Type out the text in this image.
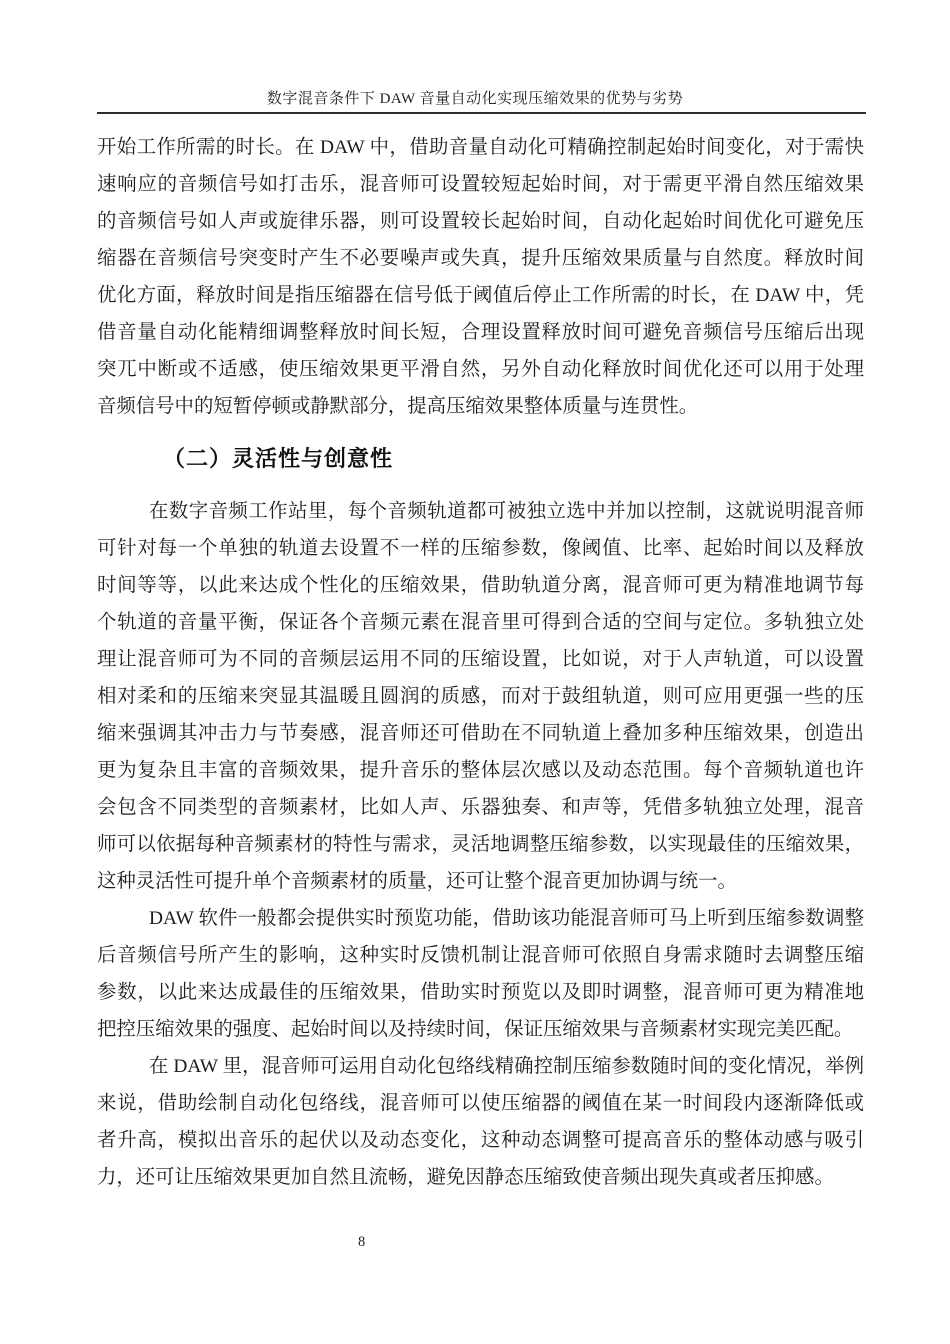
数字混音条件下 DAW 音量自动化实现压缩效果的优势与劣势
开始工作所需的时长。在 DAW 中，借助音量自动化可精确控制起始时间变化，对于需快
速响应的音频信号如打击乐，混音师可设置较短起始时间，对于需更平滑自然压缩效果
的音频信号如人声或旋律乐器，则可设置较长起始时间，自动化起始时间优化可避免压
缩器在音频信号突变时产生不必要噪声或失真，提升压缩效果质量与自然度。释放时间
优化方面，释放时间是指压缩器在信号低于阈值后停止工作所需的时长，在 DAW 中，凭
借音量自动化能精细调整释放时间长短，合理设置释放时间可避免音频信号压缩后出现
突兀中断或不适感，使压缩效果更平滑自然，另外自动化释放时间优化还可以用于处理
音频信号中的短暂停顿或静默部分，提高压缩效果整体质量与连贯性。
（二）灵活性与创意性
在数字音频工作站里，每个音频轨道都可被独立选中并加以控制，这就说明混音师
可针对每一个单独的轨道去设置不一样的压缩参数，像阈值、比率、起始时间以及释放
时间等等，以此来达成个性化的压缩效果，借助轨道分离，混音师可更为精准地调节每
个轨道的音量平衡，保证各个音频元素在混音里可得到合适的空间与定位。多轨独立处
理让混音师可为不同的音频层运用不同的压缩设置，比如说，对于人声轨道，可以设置
相对柔和的压缩来突显其温暖且圆润的质感，而对于鼓组轨道，则可应用更强一些的压
缩来强调其冲击力与节奏感，混音师还可借助在不同轨道上叠加多种压缩效果，创造出
更为复杂且丰富的音频效果，提升音乐的整体层次感以及动态范围。每个音频轨道也许
会包含不同类型的音频素材，比如人声、乐器独奏、和声等，凭借多轨独立处理，混音
师可以依据每种音频素材的特性与需求，灵活地调整压缩参数，以实现最佳的压缩效果，
这种灵活性可提升单个音频素材的质量，还可让整个混音更加协调与统一。
DAW 软件一般都会提供实时预览功能，借助该功能混音师可马上听到压缩参数调整
后音频信号所产生的影响，这种实时反馈机制让混音师可依照自身需求随时去调整压缩
参数，以此来达成最佳的压缩效果，借助实时预览以及即时调整，混音师可更为精准地
把控压缩效果的强度、起始时间以及持续时间，保证压缩效果与音频素材实现完美匹配。
在 DAW 里，混音师可运用自动化包络线精确控制压缩参数随时间的变化情况，举例
来说，借助绘制自动化包络线，混音师可以使压缩器的阈值在某一时间段内逐渐降低或
者升高，模拟出音乐的起伏以及动态变化，这种动态调整可提高音乐的整体动感与吸引
力，还可让压缩效果更加自然且流畅，避免因静态压缩致使音频出现失真或者压抑感。
8
